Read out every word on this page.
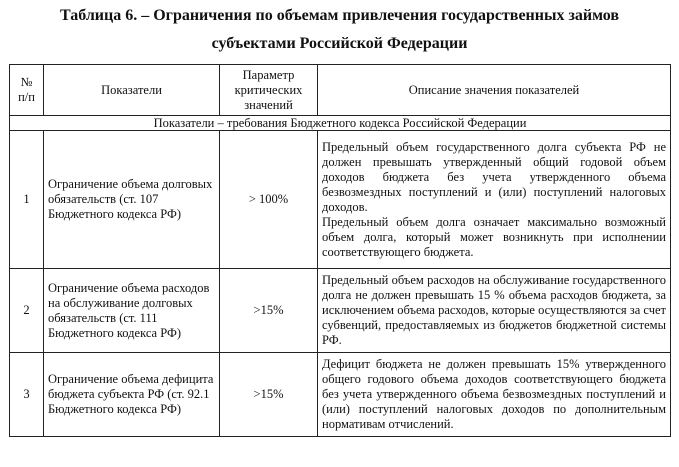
Таблица 6. – Ограничения по объемам привлечения государственных займов
субъектами Российской Федерации
№ п/п	Показатели	Параметр критических значений	Описание значения показателей
Показатели – требования Бюджетного кодекса Российской Федерации			
1	Ограничение объема долговых обязательств (ст. 107 Бюджетного кодекса РФ)	> 100%	Предельный объем государственного долга субъекта РФ не должен превышать утвержденный общий годовой объем доходов бюджета без учета утвержденного объема безвозмездных поступлений и (или) поступлений налоговых доходов.

Предельный объем долга означает максимально возможный объем долга, который может возникнуть при исполнении соответствующего бюджета.

2	Ограничение объема расходов на обслуживание долговых обязательств (ст. 111 Бюджетного кодекса РФ)	>15%	Предельный объем расходов на обслуживание государственного долга не должен превышать 15 % объема расходов бюджета, за исключением объема расходов, которые осуществляются за счет субвенций, предоставляемых из бюджетов бюджетной системы РФ.

3	Ограничение объема дефицита бюджета субъекта РФ (ст. 92.1 Бюджетного кодекса РФ)	>15%	Дефицит бюджета не должен превышать 15% утвержденного общего годового объема доходов соответствующего бюджета без учета утвержденного объема безвозмездных поступлений и (или) поступлений налоговых доходов по дополнительным нормативам отчислений.
